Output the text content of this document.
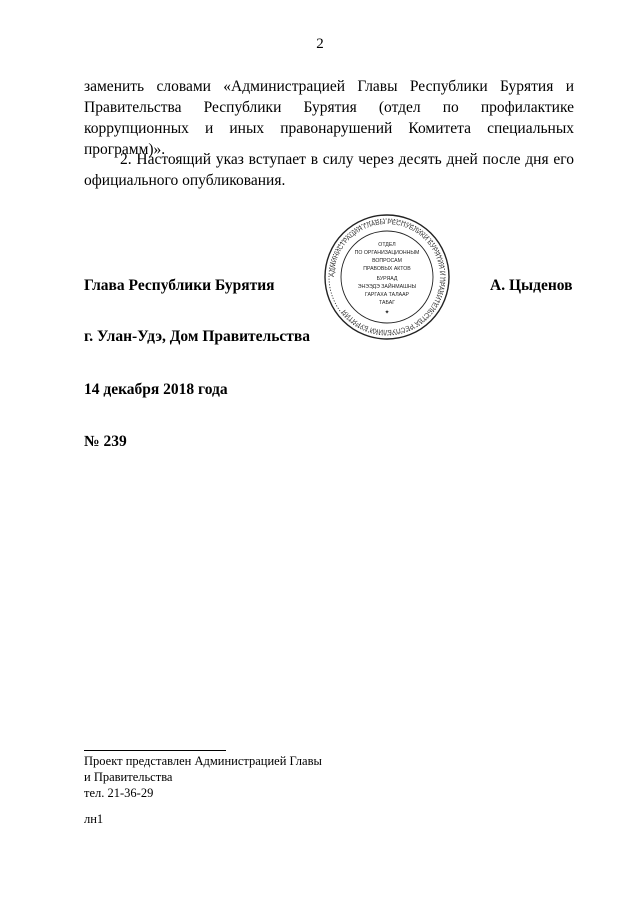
2

заменить словами «Администрацией Главы Республики Бурятия и Правительства Республики Бурятия (отдел по профилактике коррупционных и иных правонарушений Комитета специальных программ)».

2. Настоящий указ вступает в силу через десять дней после дня его официального опубликования.

Глава Республики Бурятия
АДМИНИСТРАЦИЯ ГЛАВЫ РЕСПУБЛИКИ БУРЯТИЯ И ПРАВИТЕЛЬСТВА РЕСПУБЛИКИ БУРЯТИЯ
ОТДЕЛ
ПО ОРГАНИЗАЦИОННЫМ
ВОПРОСАМ
ПРАВОВЫХ АКТОВ
БУРЯАД
ЭНЭЭДЭ ЗАЙНМАШНЫ
ГАРГАХА ТАЛААР
ТАБАГ
✦
А. Цыденов
г. Улан-Удэ, Дом Правительства
14 декабря 2018 года
№ 239
Проект представлен Администрацией Главы
и Правительства
тел. 21-36-29
лн1
